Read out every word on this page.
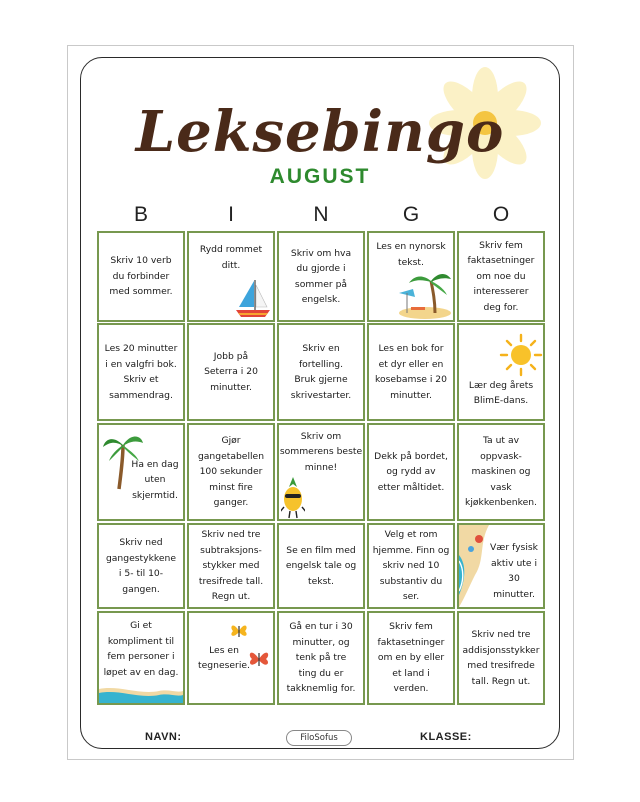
Leksebingo
AUGUST
B	I	N	G	O
Skriv 10 verb
du forbinder
med sommer.
Rydd rommet
ditt.
Skriv om hva
du gjorde i
sommer på
engelsk.
Les en nynorsk
tekst.
Skriv fem
faktasetninger
om noe du
interesserer
deg for.
Les 20 minutter
i en valgfri bok.
Skriv et
sammendrag.
Jobb på
Seterra i 20
minutter.
Skriv en
fortelling.
Bruk gjerne
skrivestarter.
Les en bok for
et dyr eller en
kosebamse i 20
minutter.
Lær deg årets
BlimE-dans.
Ha en dag
uten
skjermtid.
Gjør
gangetabellen
100 sekunder
minst fire
ganger.
Skriv om
sommerens beste
minne!
Dekk på bordet,
og rydd av
etter måltidet.
Ta ut av
oppvask-
maskinen og
vask
kjøkkenbenken.
Skriv ned
gangestykkene
i 5- til 10-
gangen.
Skriv ned tre
subtraksjons-
stykker med
tresifrede tall.
Regn ut.
Se en film med
engelsk tale og
tekst.
Velg et rom
hjemme. Finn og
skriv ned 10
substantiv du
ser.
Vær fysisk
aktiv ute i 30
minutter.
Gi et
kompliment til
fem personer i
løpet av en dag.
Les en
tegneserie.
Gå en tur i 30
minutter, og
tenk på tre
ting du er
takknemlig for.
Skriv fem
faktasetninger
om en by eller
et land i
verden.
Skriv ned tre
addisjonsstykker
med tresifrede
tall. Regn ut.
NAVN:	FiloSofus	KLASSE:
